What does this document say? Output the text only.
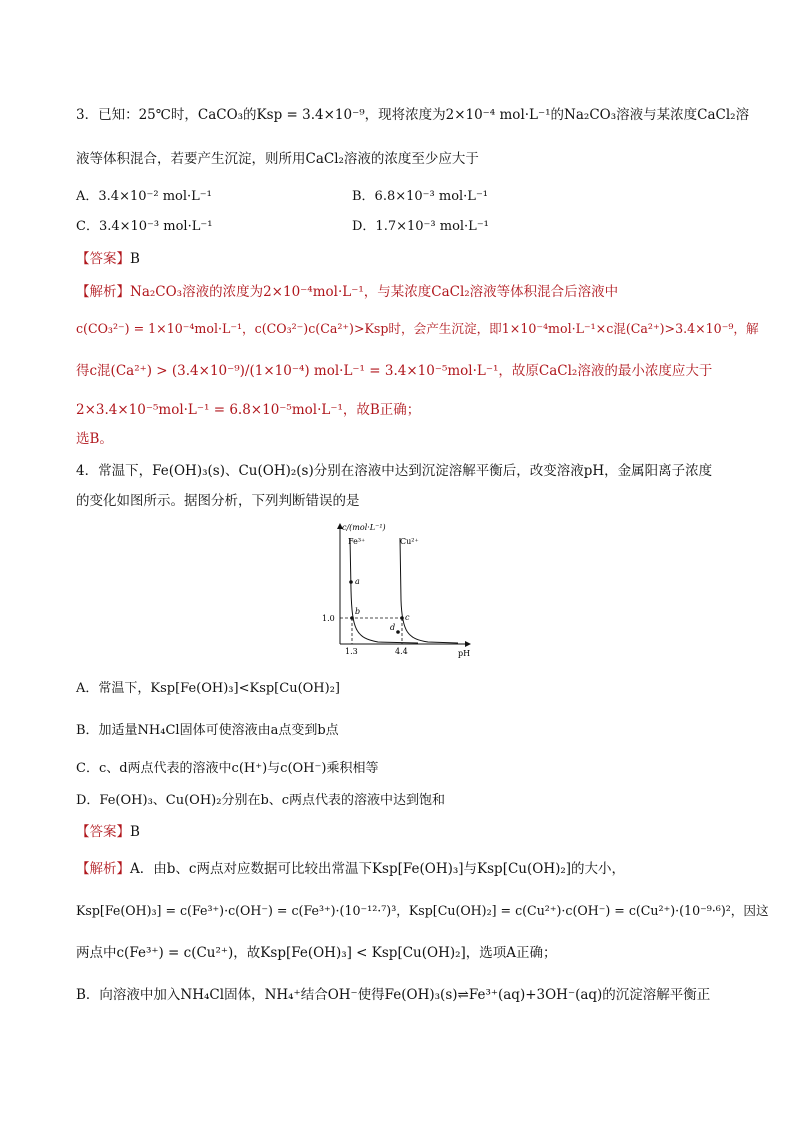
3．已知：25℃时，CaCO₃的Ksp = 3.4×10⁻⁹，现将浓度为2×10⁻⁴ mol·L⁻¹的Na₂CO₃溶液与某浓度CaCl₂溶
液等体积混合，若要产生沉淀，则所用CaCl₂溶液的浓度至少应大于
A．3.4×10⁻² mol·L⁻¹	B．6.8×10⁻³ mol·L⁻¹
C．3.4×10⁻³ mol·L⁻¹	D．1.7×10⁻³ mol·L⁻¹
【答案】B
【解析】Na₂CO₃溶液的浓度为2×10⁻⁴mol·L⁻¹，与某浓度CaCl₂溶液等体积混合后溶液中
c(CO₃²⁻) = 1×10⁻⁴mol·L⁻¹，c(CO₃²⁻)c(Ca²⁺)>Ksp时，会产生沉淀，即1×10⁻⁴mol·L⁻¹×c混(Ca²⁺)>3.4×10⁻⁹，解
得c混(Ca²⁺) > (3.4×10⁻⁹)/(1×10⁻⁴) mol·L⁻¹ = 3.4×10⁻⁵mol·L⁻¹，故原CaCl₂溶液的最小浓度应大于
2×3.4×10⁻⁵mol·L⁻¹ = 6.8×10⁻⁵mol·L⁻¹，故B正确；
选B。
4．常温下，Fe(OH)₃(s)、Cu(OH)₂(s)分别在溶液中达到沉淀溶解平衡后，改变溶液pH，金属阳离子浓度
的变化如图所示。据图分析，下列判断错误的是
c/(mol·L⁻¹)
Fe³⁺	Cu²⁺
a
b
c
d
1.0
1.3	4.4	pH
A．常温下，Ksp[Fe(OH)₃]<Ksp[Cu(OH)₂]
B．加适量NH₄Cl固体可使溶液由a点变到b点
C．c、d两点代表的溶液中c(H⁺)与c(OH⁻)乘积相等
D．Fe(OH)₃、Cu(OH)₂分别在b、c两点代表的溶液中达到饱和
【答案】B
【解析】A．由b、c两点对应数据可比较出常温下Ksp[Fe(OH)₃]与Ksp[Cu(OH)₂]的大小，
Ksp[Fe(OH)₃] = c(Fe³⁺)·c(OH⁻) = c(Fe³⁺)·(10⁻¹²·⁷)³，Ksp[Cu(OH)₂] = c(Cu²⁺)·c(OH⁻) = c(Cu²⁺)·(10⁻⁹·⁶)²，因这
两点中c(Fe³⁺) = c(Cu²⁺)，故Ksp[Fe(OH)₃] < Ksp[Cu(OH)₂]，选项A正确；
B．向溶液中加入NH₄Cl固体，NH₄⁺结合OH⁻使得Fe(OH)₃(s)⇌Fe³⁺(aq)+3OH⁻(aq)的沉淀溶解平衡正
